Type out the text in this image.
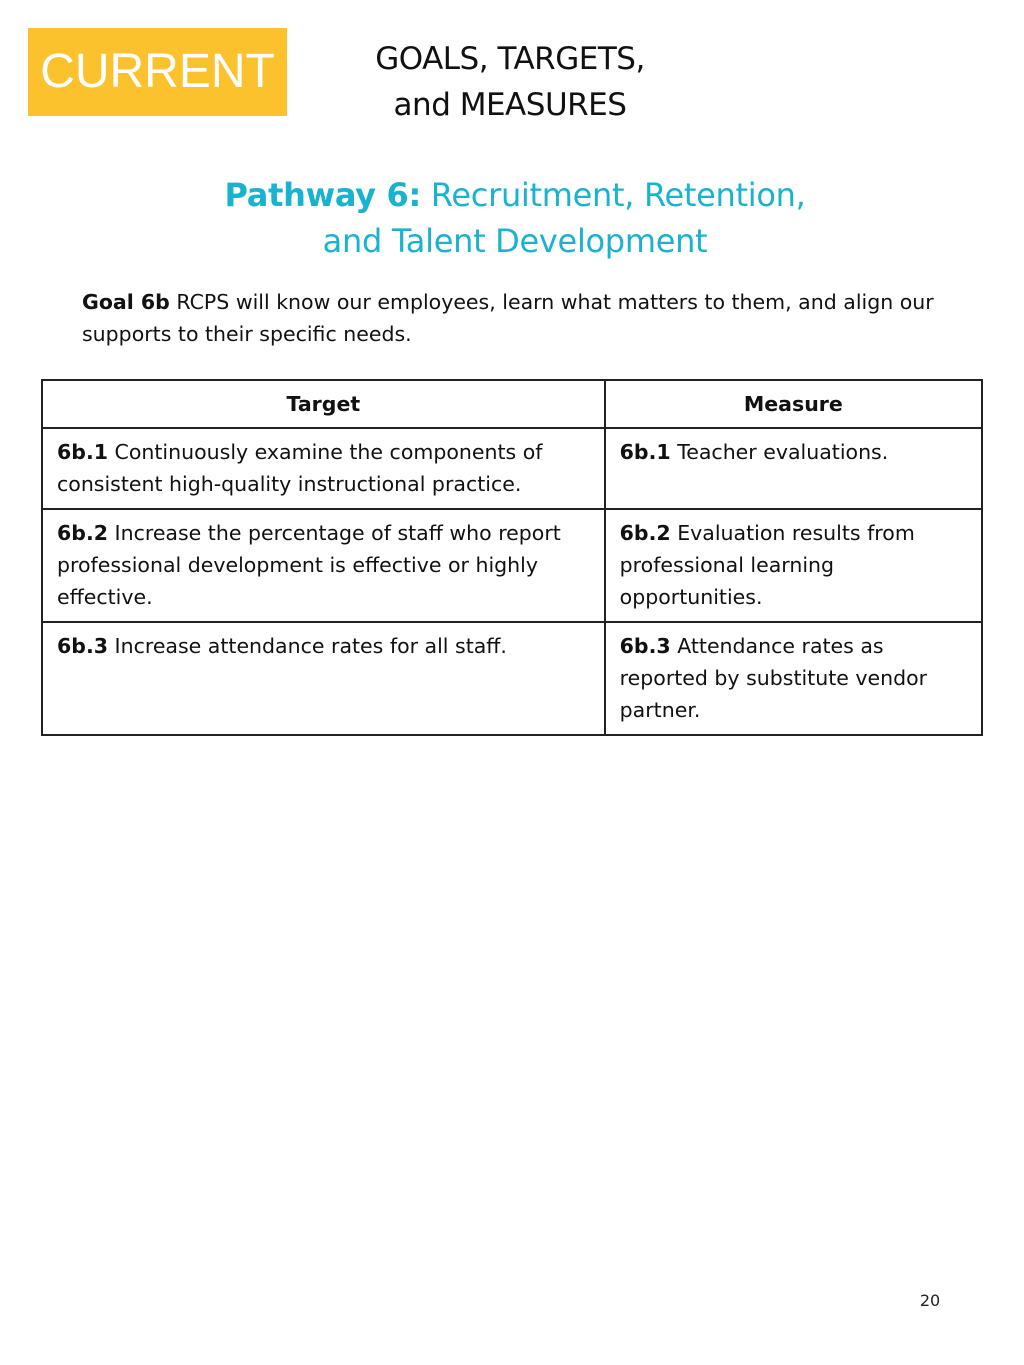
CURRENT	GOALS, TARGETS,
and MEASURES
Pathway 6: Recruitment, Retention,
and Talent Development

Goal 6b RCPS will know our employees, learn what matters to them, and align our supports to their specific needs.

Target	Measure
6b.1 Continuously examine the components of consistent high-quality instructional practice.	6b.1 Teacher evaluations.
6b.2 Increase the percentage of staff who report professional development is effective or highly effective.	6b.2 Evaluation results from professional learning opportunities.
6b.3 Increase attendance rates for all staff.	6b.3 Attendance rates as reported by substitute vendor partner.
20
